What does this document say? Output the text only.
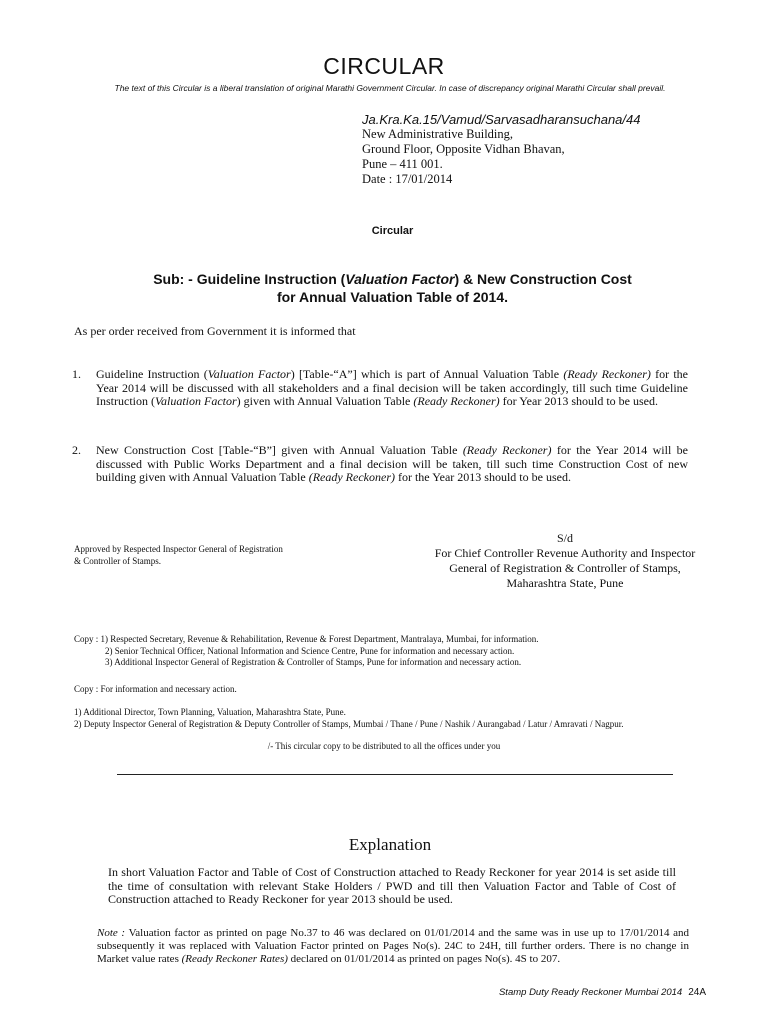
CIRCULAR
The text of this Circular is a liberal translation of original Marathi Government Circular. In case of discrepancy original Marathi Circular shall prevail.
Ja.Kra.Ka.15/Vamud/Sarvasadharansuchana/44
New Administrative Building,
Ground Floor, Opposite Vidhan Bhavan,
Pune – 411 001.
Date : 17/01/2014
Circular
Sub: - Guideline Instruction (Valuation Factor) & New Construction Cost
for Annual Valuation Table of 2014.
As per order received from Government it is informed that
1. Guideline Instruction (Valuation Factor) [Table-“A”] which is part of Annual Valuation Table (Ready Reckoner) for the Year 2014 will be discussed with all stakeholders and a final decision will be taken accordingly, till such time Guideline Instruction (Valuation Factor) given with Annual Valuation Table (Ready Reckoner) for Year 2013 should to be used.
2. New Construction Cost [Table-“B”] given with Annual Valuation Table (Ready Reckoner) for the Year 2014 will be discussed with Public Works Department and a final decision will be taken, till such time Construction Cost of new building given with Annual Valuation Table (Ready Reckoner) for the Year 2013 should to be used.
Approved by Respected Inspector General of Registration
& Controller of Stamps.
S/d
For Chief Controller Revenue Authority and Inspector
General of Registration & Controller of Stamps,
Maharashtra State, Pune
Copy : 1) Respected Secretary, Revenue & Rehabilitation, Revenue & Forest Department, Mantralaya, Mumbai, for information.
2) Senior Technical Officer, National Information and Science Centre, Pune for information and necessary action.
3) Additional Inspector General of Registration & Controller of Stamps, Pune for information and necessary action.
Copy : For information and necessary action.
1) Additional Director, Town Planning, Valuation, Maharashtra State, Pune.
2) Deputy Inspector General of Registration & Deputy Controller of Stamps, Mumbai / Thane / Pune / Nashik / Aurangabad / Latur / Amravati / Nagpur.
/- This circular copy to be distributed to all the offices under you
Explanation
In short Valuation Factor and Table of Cost of Construction attached to Ready Reckoner for year 2014 is set aside till the time of consultation with relevant Stake Holders / PWD and till then Valuation Factor and Table of Cost of Construction attached to Ready Reckoner for year 2013 should be used.
Note : Valuation factor as printed on page No.37 to 46 was declared on 01/01/2014 and the same was in use up to 17/01/2014 and subsequently it was replaced with Valuation Factor printed on Pages No(s). 24C to 24H, till further orders. There is no change in Market value rates (Ready Reckoner Rates) declared on 01/01/2014 as printed on pages No(s). 4S to 207.
Stamp Duty Ready Reckoner Mumbai 2014 24A
